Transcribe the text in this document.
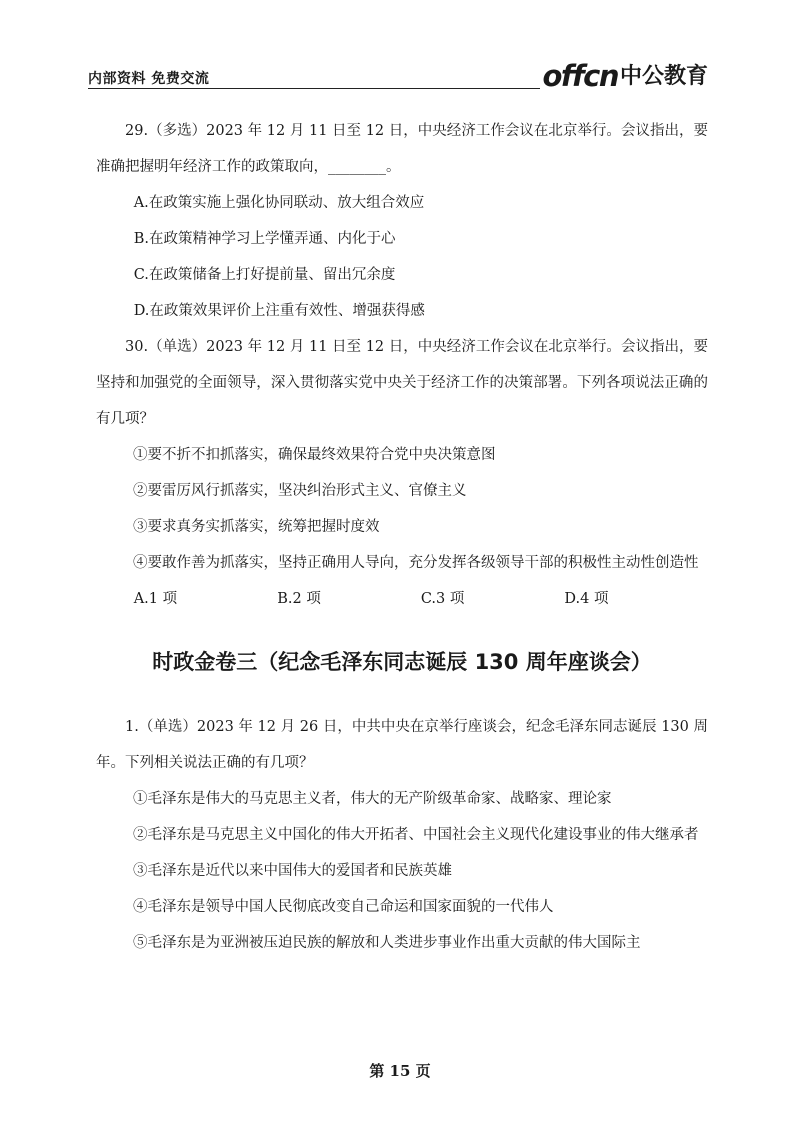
内部资料 免费交流	offcn 中公教育

29.（多选）2023 年 12 月 11 日至 12 日，中央经济工作会议在北京举行。会议指出，要准确把握明年经济工作的政策取向，________。

A.在政策实施上强化协同联动、放大组合效应

B.在政策精神学习上学懂弄通、内化于心

C.在政策储备上打好提前量、留出冗余度

D.在政策效果评价上注重有效性、增强获得感

30.（单选）2023 年 12 月 11 日至 12 日，中央经济工作会议在北京举行。会议指出，要坚持和加强党的全面领导，深入贯彻落实党中央关于经济工作的决策部署。下列各项说法正确的有几项？

①要不折不扣抓落实，确保最终效果符合党中央决策意图

②要雷厉风行抓落实，坚决纠治形式主义、官僚主义

③要求真务实抓落实，统筹把握时度效

④要敢作善为抓落实，坚持正确用人导向，充分发挥各级领导干部的积极性主动性创造性

A.1 项	B.2 项	C.3 项	D.4 项
时政金卷三（纪念毛泽东同志诞辰 130 周年座谈会）

1.（单选）2023 年 12 月 26 日，中共中央在京举行座谈会，纪念毛泽东同志诞辰 130 周年。下列相关说法正确的有几项？

①毛泽东是伟大的马克思主义者，伟大的无产阶级革命家、战略家、理论家

②毛泽东是马克思主义中国化的伟大开拓者、中国社会主义现代化建设事业的伟大继承者

③毛泽东是近代以来中国伟大的爱国者和民族英雄

④毛泽东是领导中国人民彻底改变自己命运和国家面貌的一代伟人

⑤毛泽东是为亚洲被压迫民族的解放和人类进步事业作出重大贡献的伟大国际主

第 15 页
